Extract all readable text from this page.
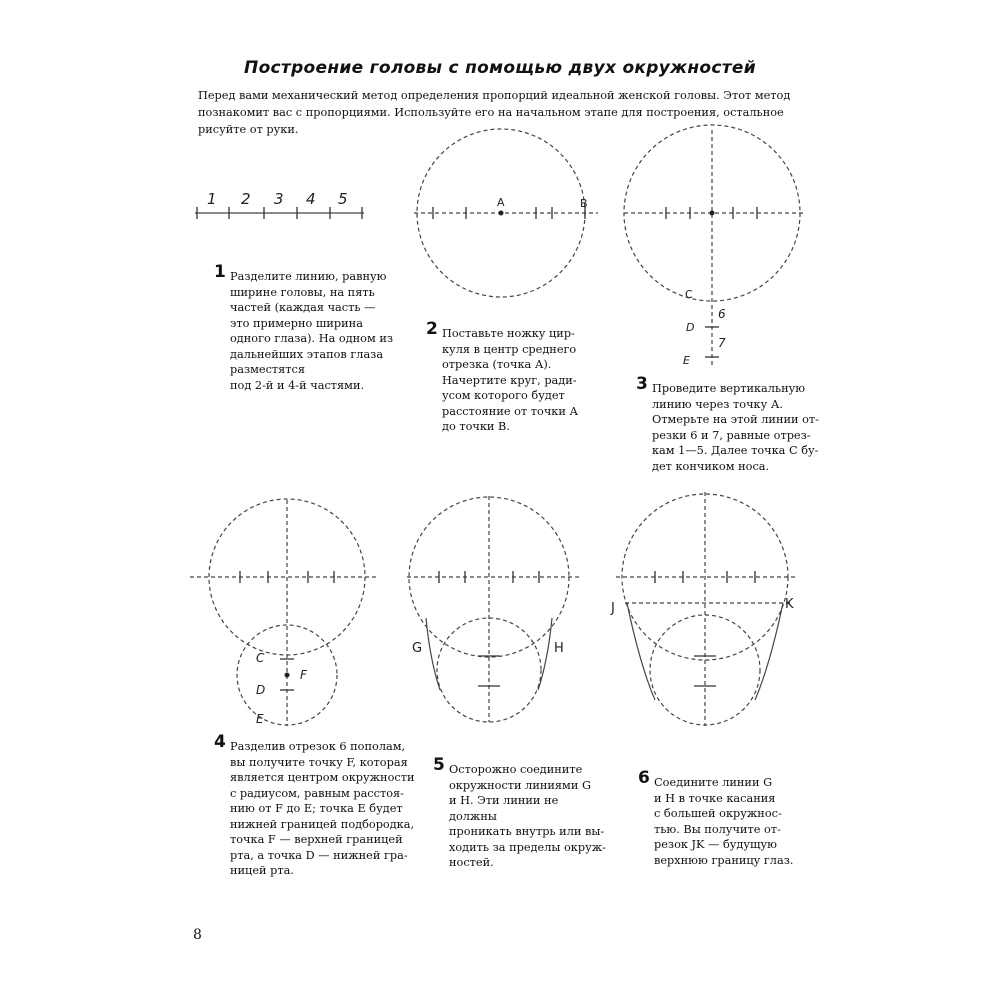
Построение головы с помощью двух окружностей

Перед вами механический метод определения пропорций идеальной женской головы. Этот метод познакомит вас с пропорциями. Используйте его на начальном этапе для построения, остальное рисуйте от руки.

1 2 3 4 5	A	B
C
6
D
7
E
C
F
D
E
G	H
J	K
1 Разделите линию, равную
ширине головы, на пять
частей (каждая часть —
это примерно ширина
одного глаза). На одном из
дальнейших этапов глаза
разместятся
под 2-й и 4-й частями.
2 Поставьте ножку цир-
куля в центр среднего
отрезка (точка А).
Начертите круг, ради-
усом которого будет
расстояние от точки А
до точки В.
3 Проведите вертикальную
линию через точку А.
Отмерьте на этой линии от-
резки 6 и 7, равные отрез-
кам 1—5. Далее точка С бу-
дет кончиком носа.
4 Разделив отрезок 6 пополам,
вы получите точку F, которая
является центром окружности
с радиусом, равным расстоя-
нию от F до E; точка E будет
нижней границей подбородка,
точка F — верхней границей
рта, а точка D — нижней гра-
ницей рта.
5 Осторожно соедините
окружности линиями G
и H. Эти линии не должны
проникать внутрь или вы-
ходить за пределы окруж-
ностей.
6 Соедините линии G
и H в точке касания
с большей окружнос-
тью. Вы получите от-
резок JK — будущую
верхнюю границу глаз.
8
